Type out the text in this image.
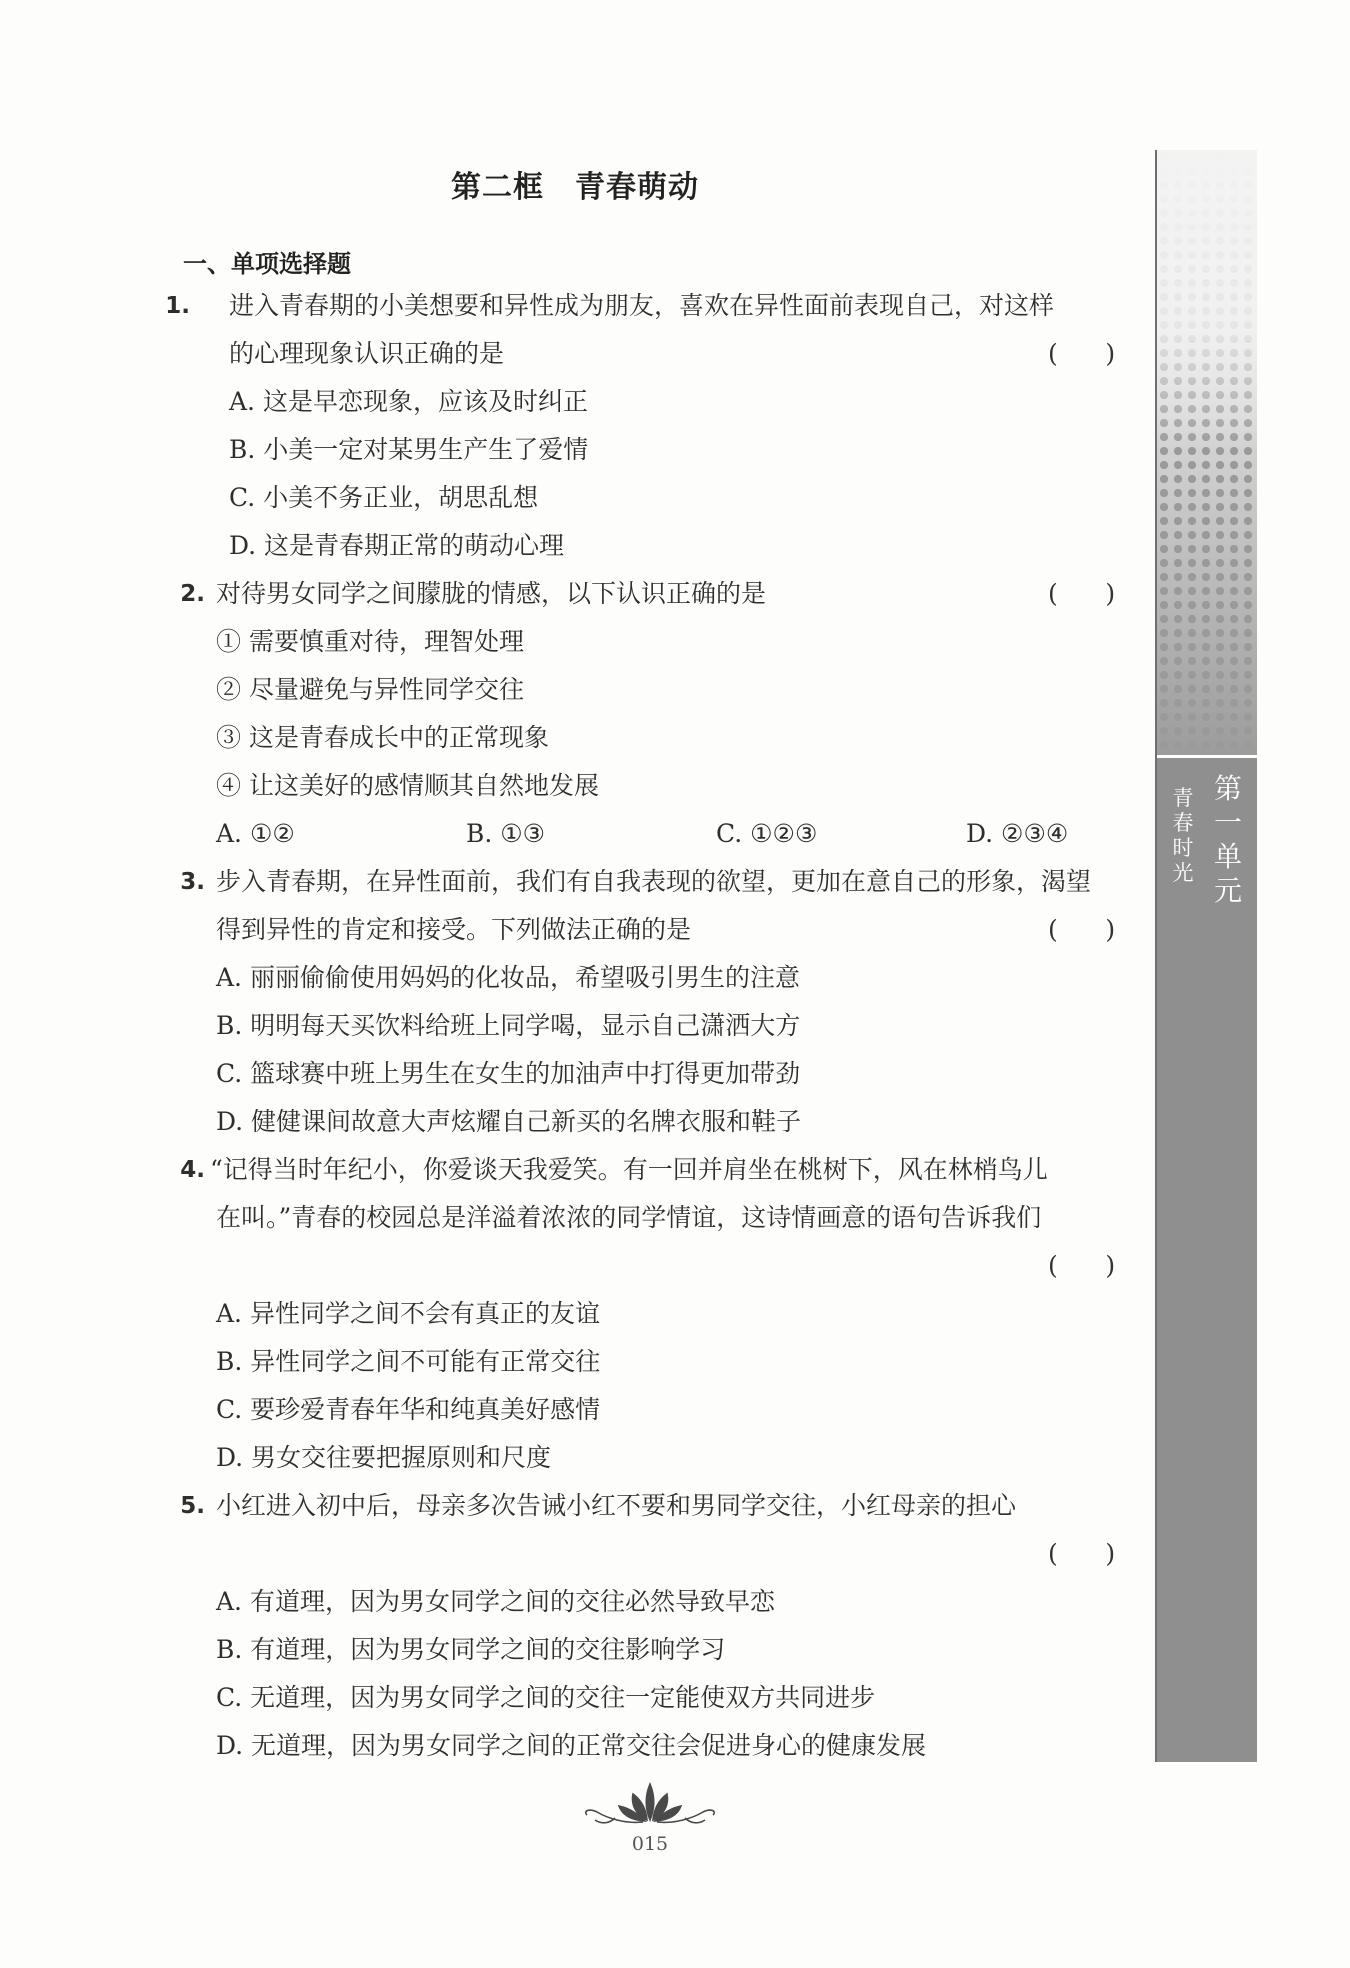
第二框　青春萌动
一、单项选择题
1. 进入青春期的小美想要和异性成为朋友，喜欢在异性面前表现自己，对这样
的心理现象认识正确的是	(      )
A. 这是早恋现象，应该及时纠正
B. 小美一定对某男生产生了爱情
C. 小美不务正业，胡思乱想
D. 这是青春期正常的萌动心理
2. 对待男女同学之间朦胧的情感，以下认识正确的是	(      )
① 需要慎重对待，理智处理
② 尽量避免与异性同学交往
③ 这是青春成长中的正常现象
④ 让这美好的感情顺其自然地发展
A. ①②	B. ①③	C. ①②③	D. ②③④
3. 步入青春期，在异性面前，我们有自我表现的欲望，更加在意自己的形象，渴望
得到异性的肯定和接受。下列做法正确的是	(      )
A. 丽丽偷偷使用妈妈的化妆品，希望吸引男生的注意
B. 明明每天买饮料给班上同学喝，显示自己潇洒大方
C. 篮球赛中班上男生在女生的加油声中打得更加带劲
D. 健健课间故意大声炫耀自己新买的名牌衣服和鞋子
4. “记得当时年纪小，你爱谈天我爱笑。有一回并肩坐在桃树下，风在林梢鸟儿
在叫。”青春的校园总是洋溢着浓浓的同学情谊，这诗情画意的语句告诉我们
(      )
A. 异性同学之间不会有真正的友谊
B. 异性同学之间不可能有正常交往
C. 要珍爱青春年华和纯真美好感情
D. 男女交往要把握原则和尺度
5. 小红进入初中后，母亲多次告诫小红不要和男同学交往，小红母亲的担心
(      )
A. 有道理，因为男女同学之间的交往必然导致早恋
B. 有道理，因为男女同学之间的交往影响学习
C. 无道理，因为男女同学之间的交往一定能使双方共同进步
D. 无道理，因为男女同学之间的正常交往会促进身心的健康发展
第
一
单
元
青
春
时
光
015
